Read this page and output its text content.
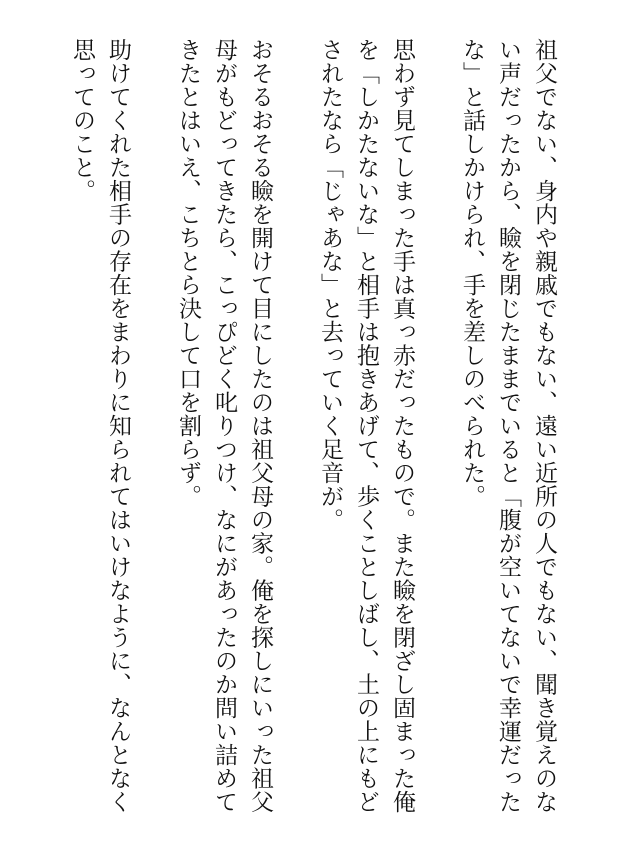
祖父でない、身内や親戚でもない、遠い近所の人でもない、聞き覚えのない声だったから、瞼を閉じたままでいると「腹が空いてないで幸運だったな」と話しかけられ、手を差しのべられた。

思わず見てしまった手は真っ赤だったもので。また瞼を閉ざし固まった俺を「しかたないな」と相手は抱きあげて、歩くことしばし、土の上にもどされたなら「じゃあな」と去っていく足音が。

おそるおそる瞼を開けて目にしたのは祖父母の家。俺を探しにいった祖父母がもどってきたら、こっぴどく叱りつけ、なにがあったのか問い詰めてきたとはいえ、こちとら決して口を割らず。

助けてくれた相手の存在をまわりに知られてはいけなように、なんとなく思ってのこと。
